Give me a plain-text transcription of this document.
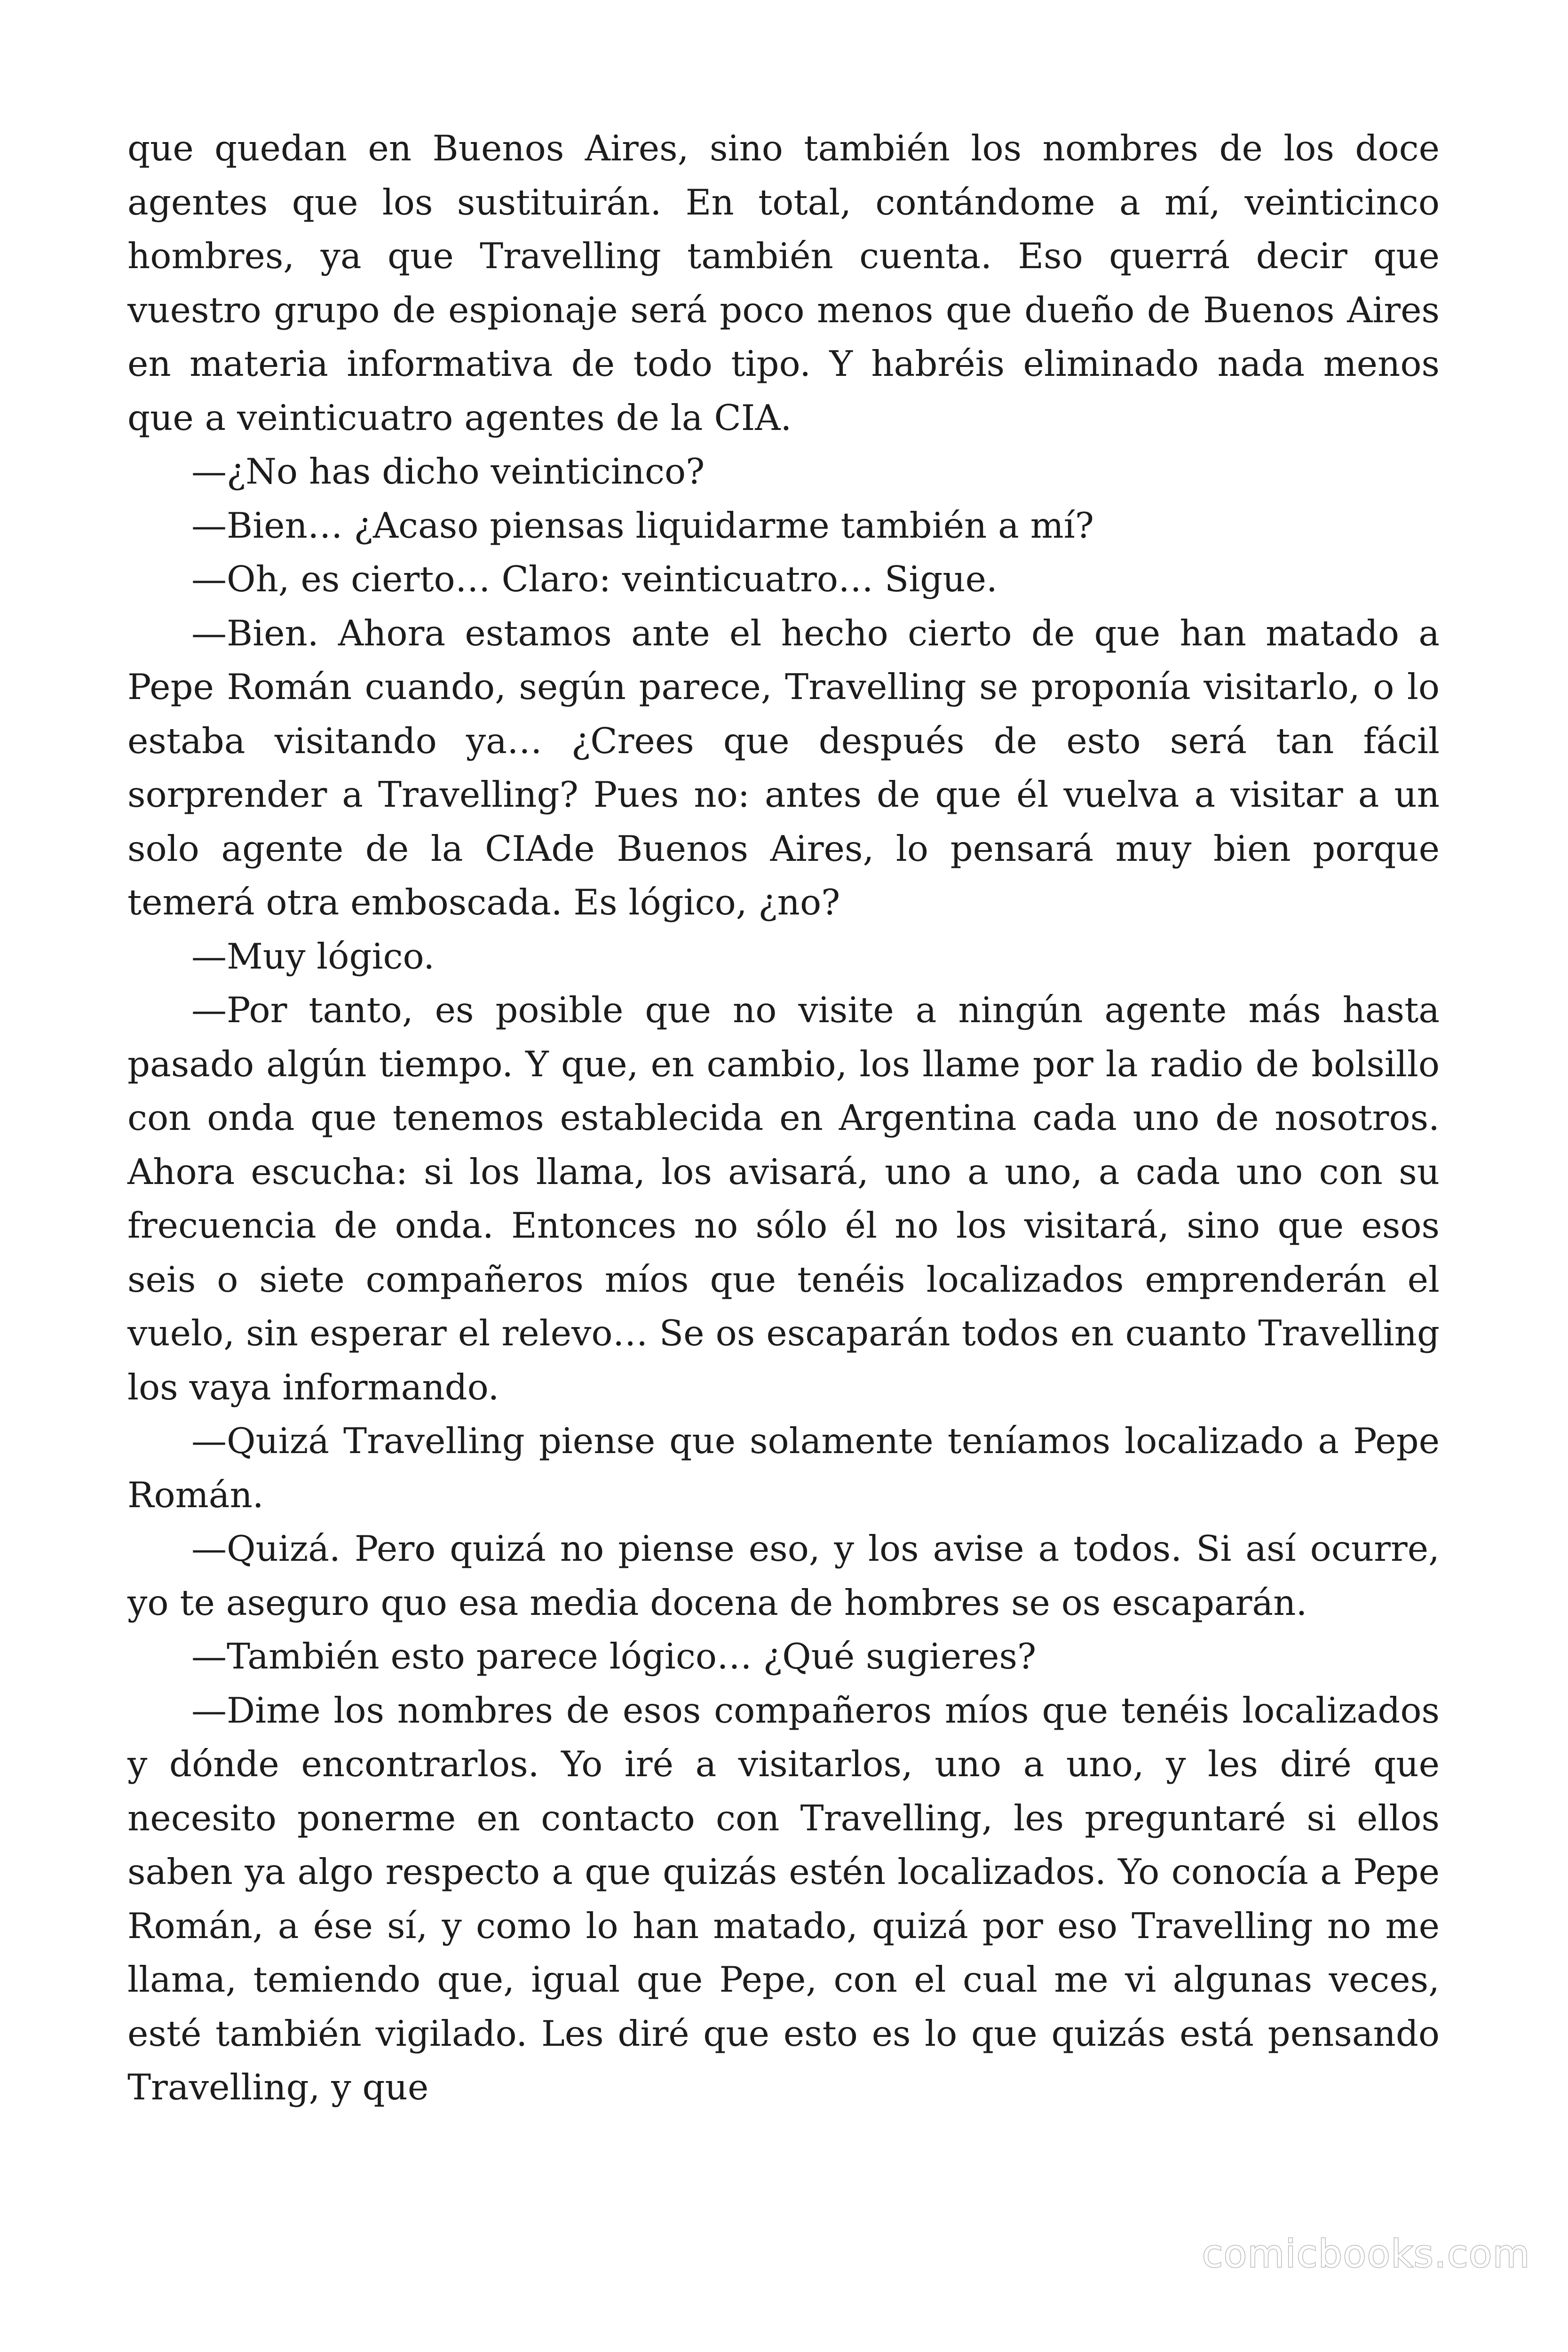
que quedan en Buenos Aires, sino también los nombres de los doce agentes que los sustituirán. En total, contándome a mí, veinticinco hombres, ya que Travelling también cuenta. Eso querrá decir que vuestro grupo de espionaje será poco menos que dueño de Buenos Aires en materia informativa de todo tipo. Y habréis eliminado nada menos que a veinticuatro agentes de la CIA.

—¿No has dicho veinticinco?

—Bien… ¿Acaso piensas liquidarme también a mí?

—Oh, es cierto… Claro: veinticuatro… Sigue.

—Bien. Ahora estamos ante el hecho cierto de que han matado a Pepe Román cuando, según parece, Travelling se proponía visitarlo, o lo estaba visitando ya… ¿Crees que después de esto será tan fácil sorprender a Travelling? Pues no: antes de que él vuelva a visitar a un solo agente de la CIAde Buenos Aires, lo pensará muy bien porque temerá otra emboscada. Es lógico, ¿no?

—Muy lógico.

—Por tanto, es posible que no visite a ningún agente más hasta pasado algún tiempo. Y que, en cambio, los llame por la radio de bolsillo con onda que tenemos establecida en Argentina cada uno de nosotros. Ahora escucha: si los llama, los avisará, uno a uno, a cada uno con su frecuencia de onda. Entonces no sólo él no los visitará, sino que esos seis o siete compañeros míos que tenéis localizados emprenderán el vuelo, sin esperar el relevo… Se os escaparán todos en cuanto Travelling los vaya informando.

—Quizá Travelling piense que solamente teníamos localizado a Pepe Román.

—Quizá. Pero quizá no piense eso, y los avise a todos. Si así ocurre, yo te aseguro quo esa media docena de hombres se os escaparán.

—También esto parece lógico… ¿Qué sugieres?

—Dime los nombres de esos compañeros míos que tenéis localizados y dónde encontrarlos. Yo iré a visitarlos, uno a uno, y les diré que necesito ponerme en contacto con Travelling, les preguntaré si ellos saben ya algo respecto a que quizás estén localizados. Yo conocía a Pepe Román, a ése sí, y como lo han matado, quizá por eso Travelling no me llama, temiendo que, igual que Pepe, con el cual me vi algunas veces, esté también vigilado. Les diré que esto es lo que quizás está pensando Travelling, y que

comicbooks.com
